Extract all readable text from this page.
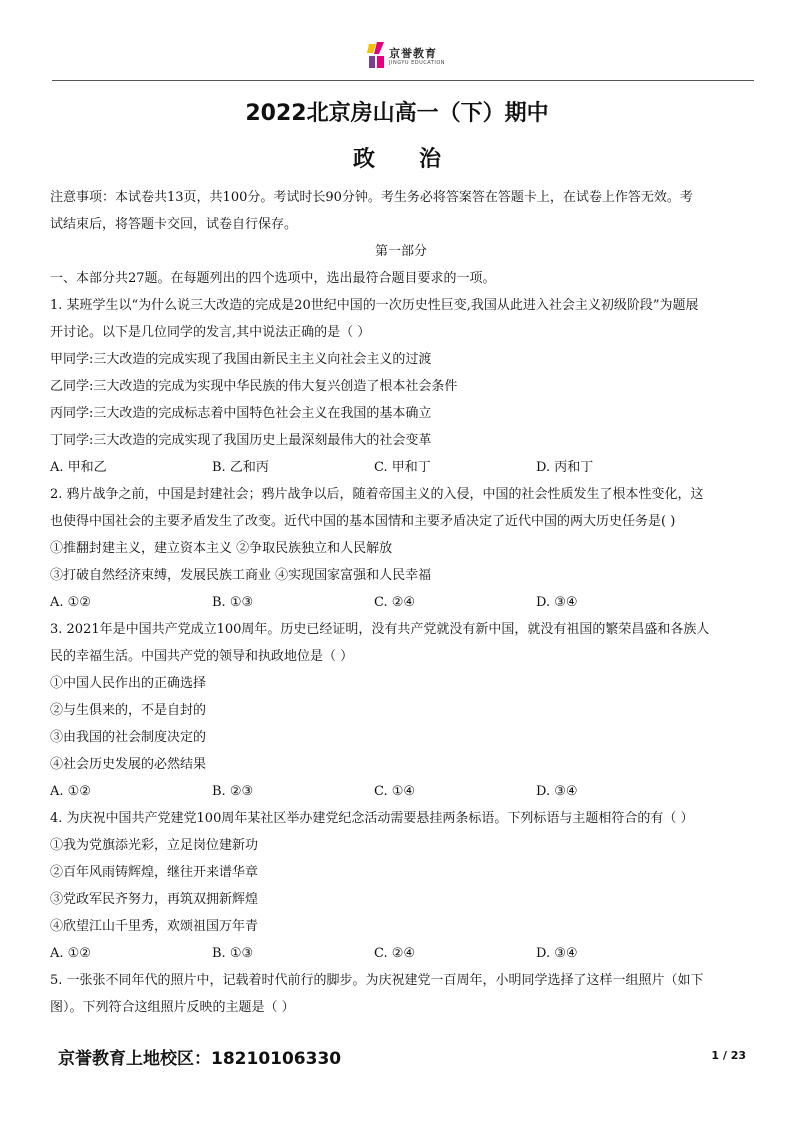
京誉教育
JINGYU EDUCATION
2022北京房山高一（下）期中
政治
注意事项：本试卷共13页，共100分。考试时长90分钟。考生务必将答案答在答题卡上，在试卷上作答无效。考
试结束后，将答题卡交回，试卷自行保存。
第一部分
一、本部分共27题。在每题列出的四个选项中，选出最符合题目要求的一项。
1. 某班学生以“为什么说三大改造的完成是20世纪中国的一次历史性巨变,我国从此进入社会主义初级阶段”为题展
开讨论。以下是几位同学的发言,其中说法正确的是（ ）
甲同学:三大改造的完成实现了我国由新民主主义向社会主义的过渡
乙同学:三大改造的完成为实现中华民族的伟大复兴创造了根本社会条件
丙同学:三大改造的完成标志着中国特色社会主义在我国的基本确立
丁同学:三大改造的完成实现了我国历史上最深刻最伟大的社会变革
A. 甲和乙	B. 乙和丙	C. 甲和丁	D. 丙和丁
2. 鸦片战争之前，中国是封建社会；鸦片战争以后，随着帝国主义的入侵，中国的社会性质发生了根本性变化，这
也使得中国社会的主要矛盾发生了改变。近代中国的基本国情和主要矛盾决定了近代中国的两大历史任务是( )
①推翻封建主义，建立资本主义 ②争取民族独立和人民解放
③打破自然经济束缚，发展民族工商业 ④实现国家富强和人民幸福
A. ①②	B. ①③	C. ②④	D. ③④
3. 2021年是中国共产党成立100周年。历史已经证明，没有共产党就没有新中国，就没有祖国的繁荣昌盛和各族人
民的幸福生活。中国共产党的领导和执政地位是（ ）
①中国人民作出的正确选择
②与生俱来的，不是自封的
③由我国的社会制度决定的
④社会历史发展的必然结果
A. ①②	B. ②③	C. ①④	D. ③④
4. 为庆祝中国共产党建党100周年某社区举办建党纪念活动需要悬挂两条标语。下列标语与主题相符合的有（ ）
①我为党旗添光彩，立足岗位建新功
②百年风雨铸辉煌，继往开来谱华章
③党政军民齐努力，再筑双拥新辉煌
④欣望江山千里秀，欢颂祖国万年青
A. ①②	B. ①③	C. ②④	D. ③④
5. 一张张不同年代的照片中，记载着时代前行的脚步。为庆祝建党一百周年，小明同学选择了这样一组照片（如下
图）。下列符合这组照片反映的主题是（ ）
京誉教育上地校区：18210106330	1 / 23
